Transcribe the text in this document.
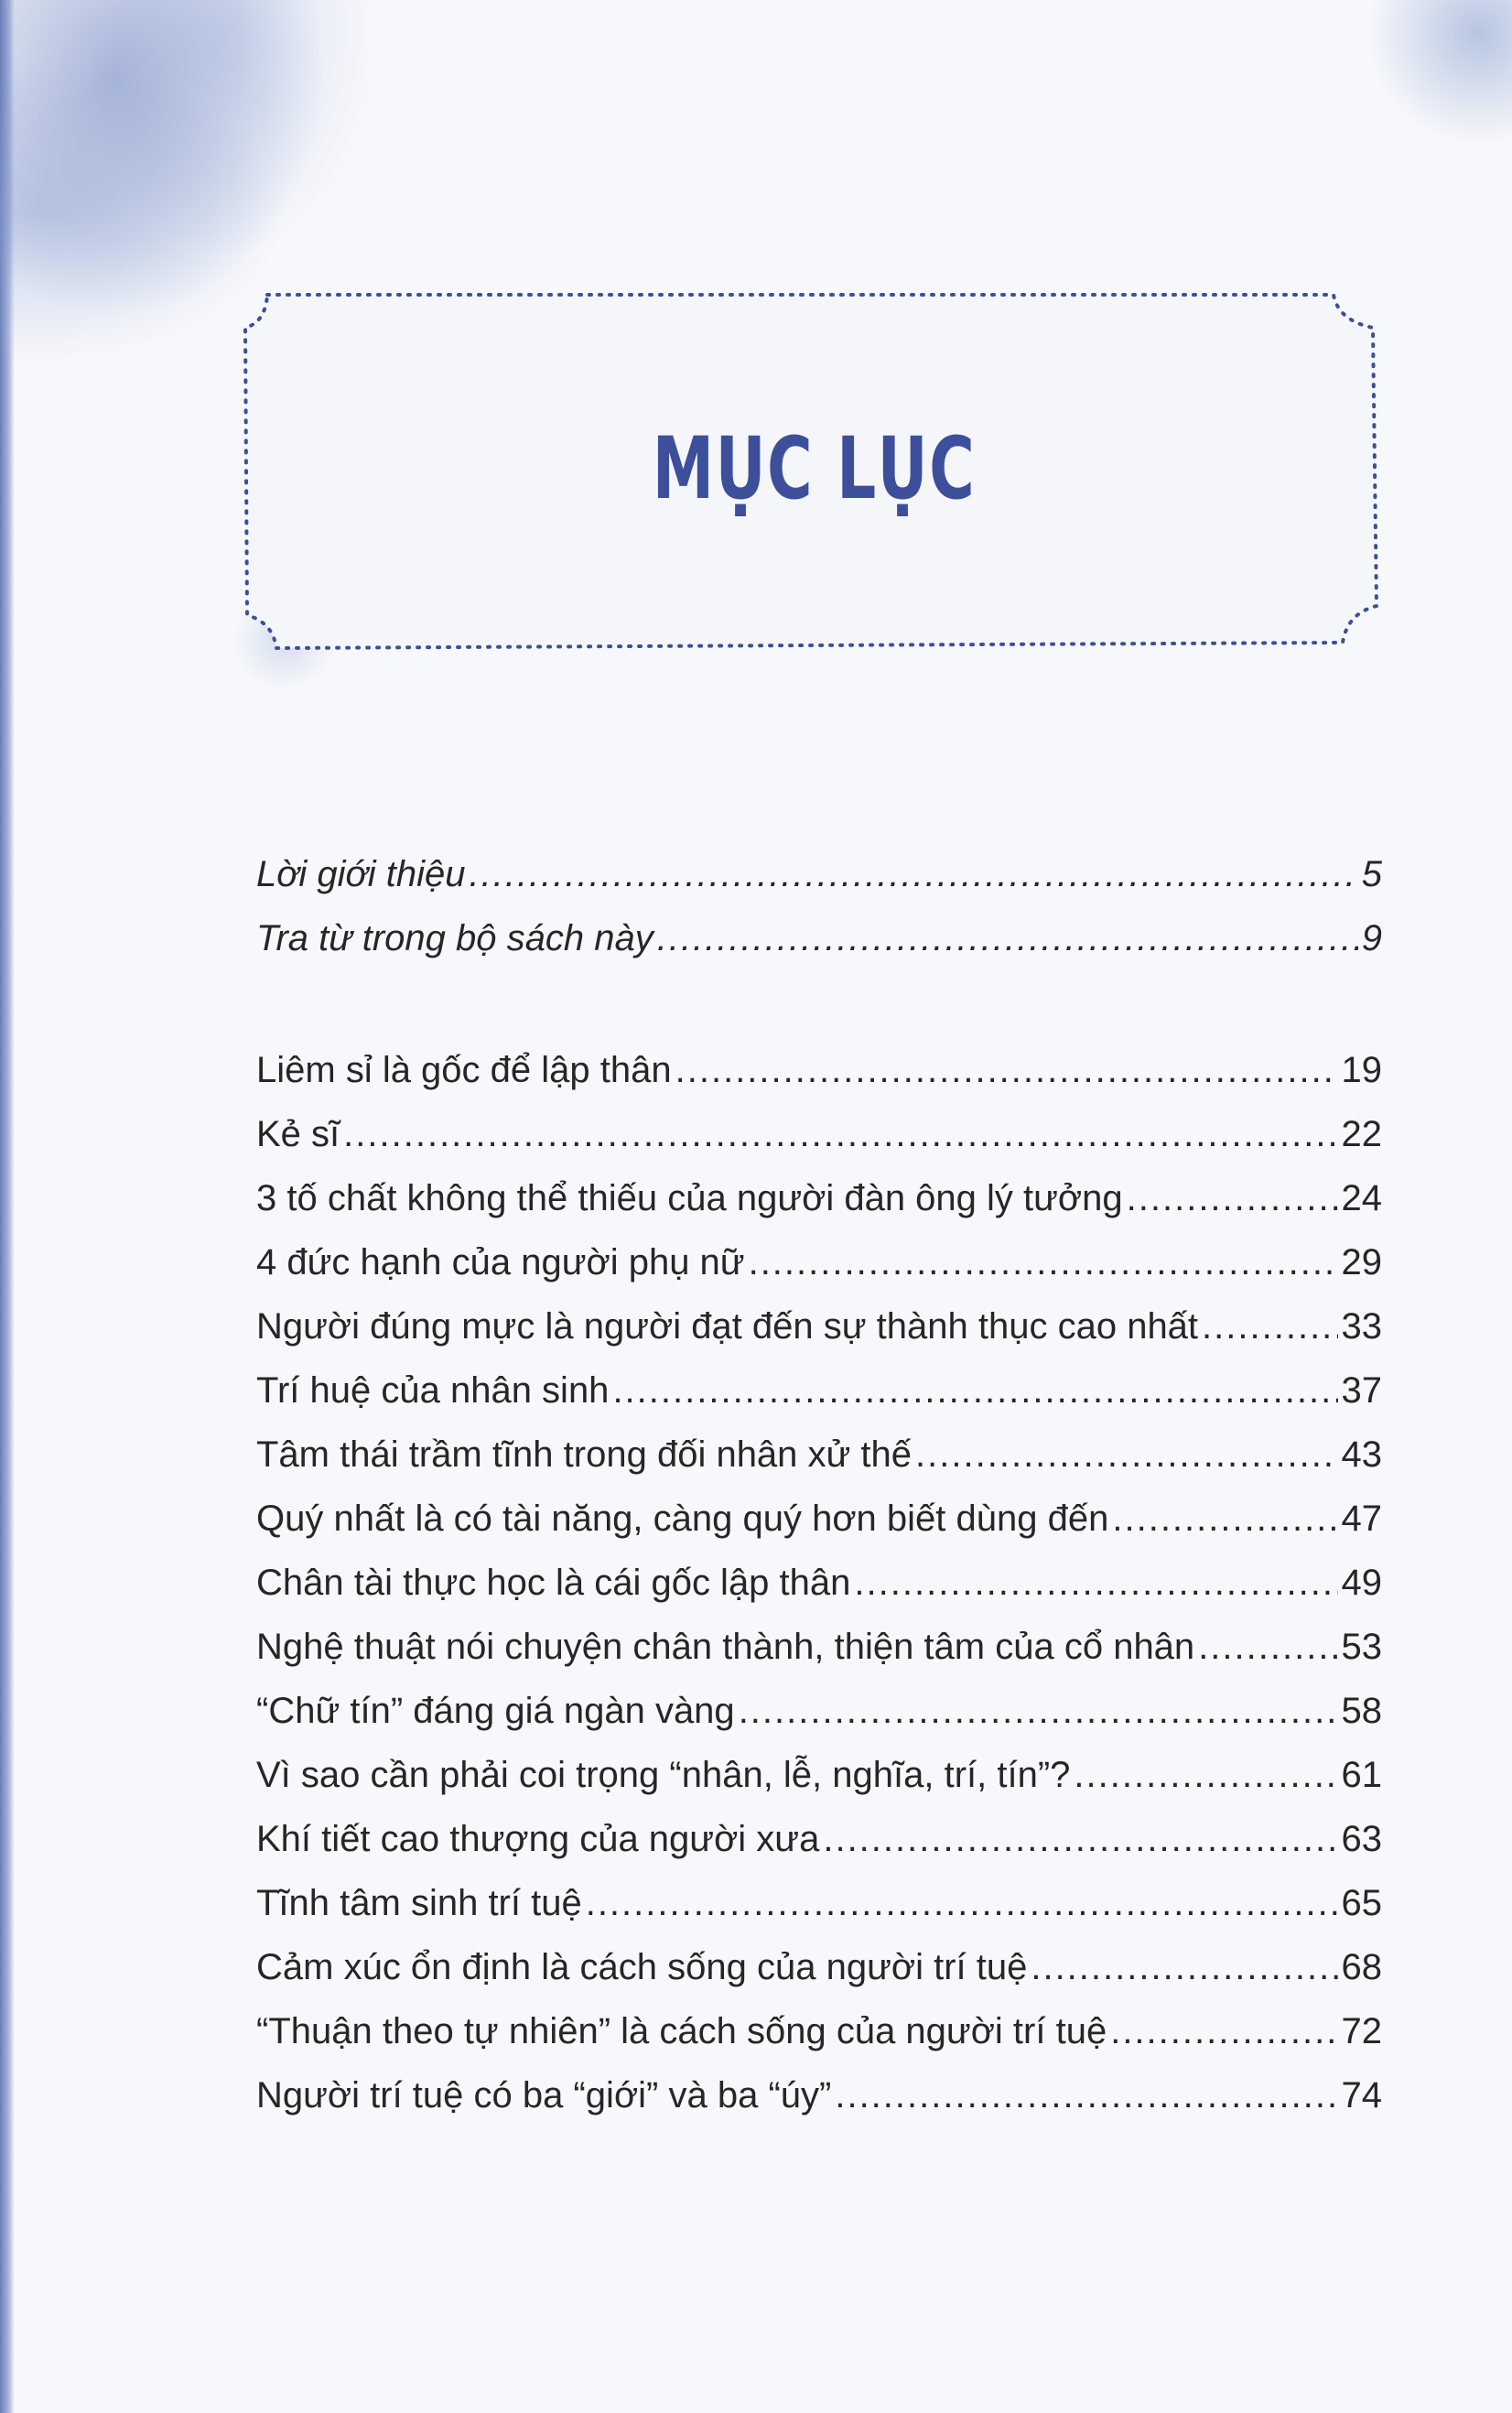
MỤC LỤC
Lời giới thiệu .....	5
Tra từ trong bộ sách này .....	9
Liêm sỉ là gốc để lập thân .....	19
Kẻ sĩ .....	22
3 tố chất không thể thiếu của người đàn ông lý tưởng .....	24
4 đức hạnh của người phụ nữ .....	29
Người đúng mực là người đạt đến sự thành thục cao nhất .....	33
Trí huệ của nhân sinh .....	37
Tâm thái trầm tĩnh trong đối nhân xử thế .....	43
Quý nhất là có tài năng, càng quý hơn biết dùng đến .....	47
Chân tài thực học là cái gốc lập thân .....	49
Nghệ thuật nói chuyện chân thành, thiện tâm của cổ nhân .....	53
“Chữ tín” đáng giá ngàn vàng .....	58
Vì sao cần phải coi trọng “nhân, lễ, nghĩa, trí, tín”? .....	61
Khí tiết cao thượng của người xưa .....	63
Tĩnh tâm sinh trí tuệ .....	65
Cảm xúc ổn định là cách sống của người trí tuệ .....	68
“Thuận theo tự nhiên” là cách sống của người trí tuệ .....	72
Người trí tuệ có ba “giới” và ba “úy” .....	74
